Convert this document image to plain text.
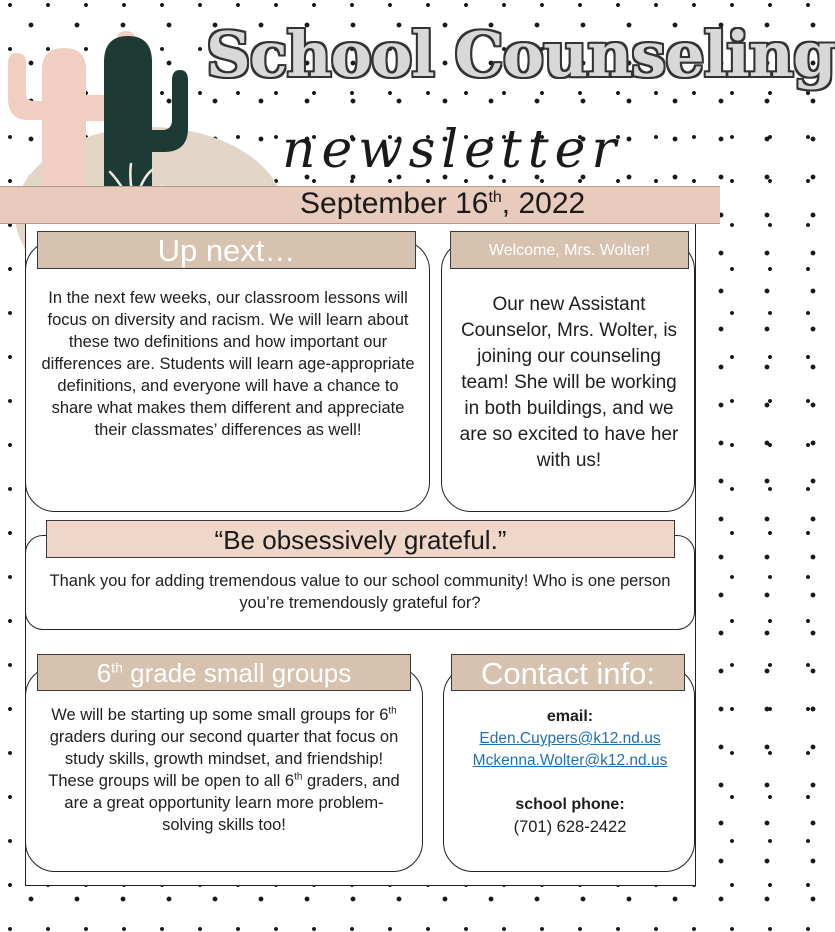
School Counseling
newsletter
September 16th, 2022
Up next…
In the next few weeks, our classroom lessons will focus on diversity and racism. We will learn about these two definitions and how important our differences are. Students will learn age-appropriate definitions, and everyone will have a chance to share what makes them different and appreciate their classmates’ differences as well!
Welcome, Mrs. Wolter!
Our new Assistant Counselor, Mrs. Wolter, is joining our counseling team! She will be working in both buildings, and we are so excited to have her with us!
“Be obsessively grateful.”
Thank you for adding tremendous value to our school community! Who is one person you’re tremendously grateful for?
6th grade small groups
We will be starting up some small groups for 6th graders during our second quarter that focus on study skills, growth mindset, and friendship! These groups will be open to all 6th graders, and are a great opportunity learn more problem-solving skills too!
Contact info:
email:
Eden.Cuypers@k12.nd.us
Mckenna.Wolter@k12.nd.us
school phone:
(701) 628-2422
